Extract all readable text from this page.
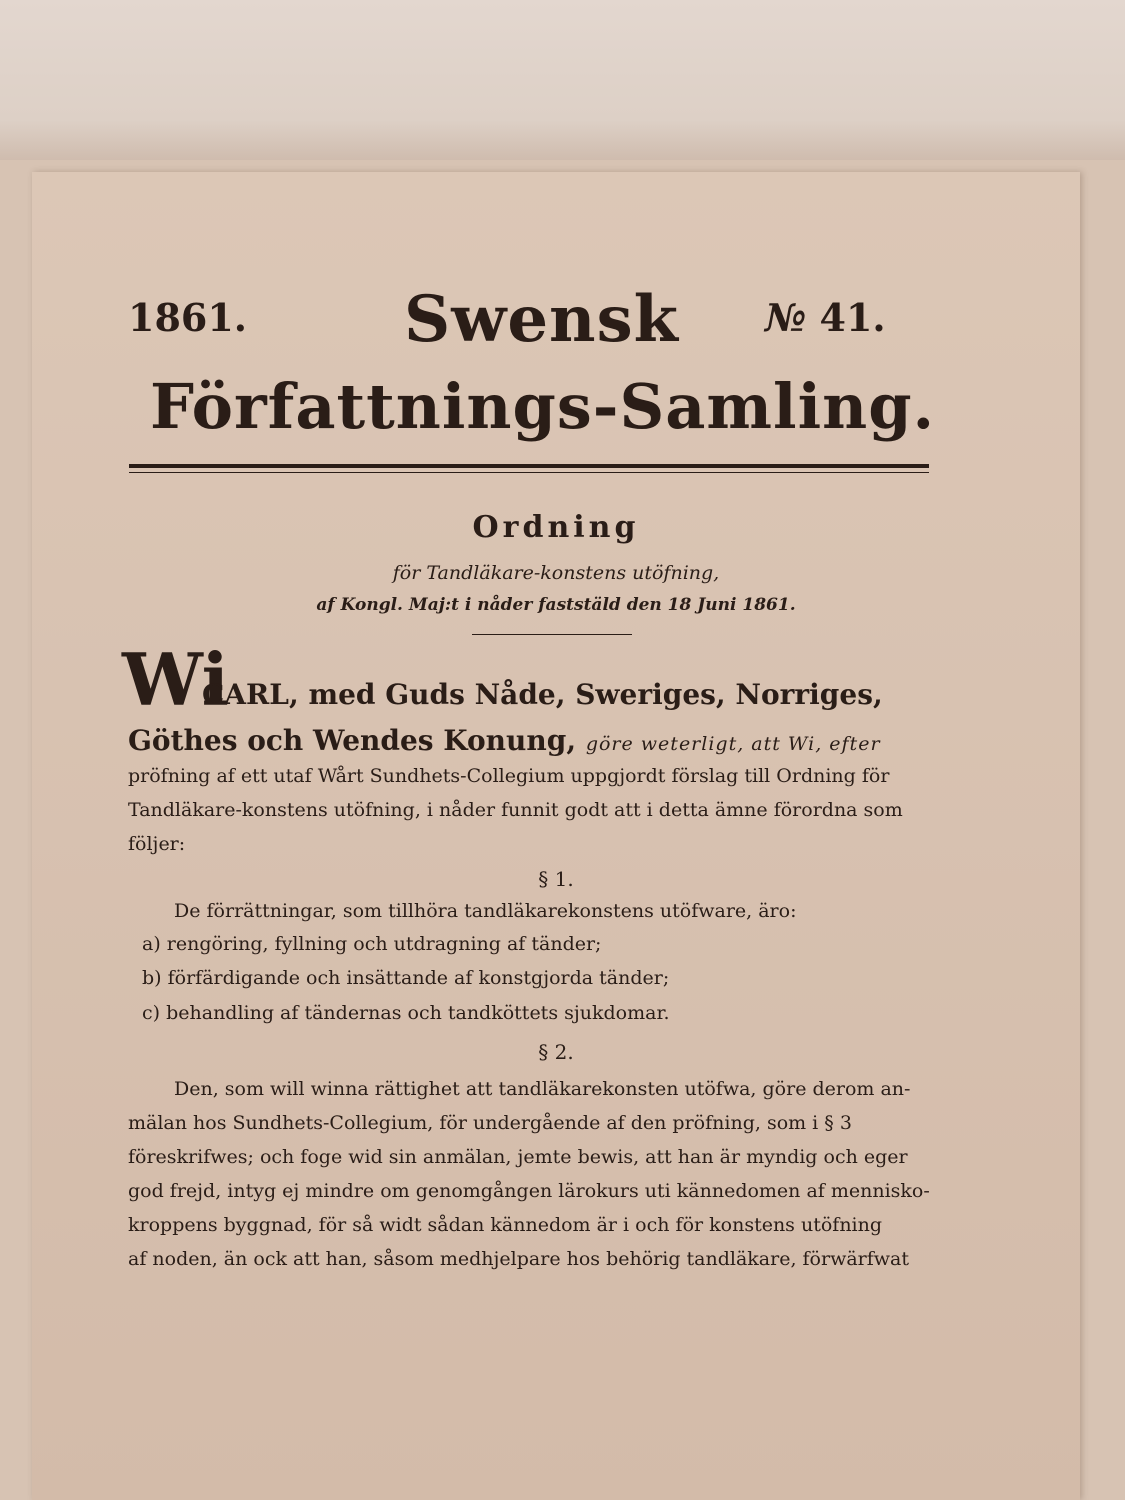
1861. Swensk № 41.
Författnings-Samling.
Ordning
för Tandläkare-konstens utöfning,
af Kongl. Maj:t i nåder faststäld den 18 Juni 1861.
Wi
CARL, med Guds Nåde, Sweriges, Norriges,
Göthes och Wendes Konung, göre weterligt, att Wi, efter
pröfning af ett utaf Wårt Sundhets-Collegium uppgjordt förslag till Ordning för
Tandläkare-konstens utöfning, i nåder funnit godt att i detta ämne förordna som
följer:
§ 1.
De förrättningar, som tillhöra tandläkarekonstens utöfware, äro:
a) rengöring, fyllning och utdragning af tänder;
b) förfärdigande och insättande af konstgjorda tänder;
c) behandling af tändernas och tandköttets sjukdomar.
§ 2.
Den, som will winna rättighet att tandläkarekonsten utöfwa, göre derom an-
mälan hos Sundhets-Collegium, för undergående af den pröfning, som i § 3
föreskrifwes; och foge wid sin anmälan, jemte bewis, att han är myndig och eger
god frejd, intyg ej mindre om genomgången lärokurs uti kännedomen af mennisko-
kroppens byggnad, för så widt sådan kännedom är i och för konstens utöfning
af noden, än ock att han, såsom medhjelpare hos behörig tandläkare, förwärfwat
